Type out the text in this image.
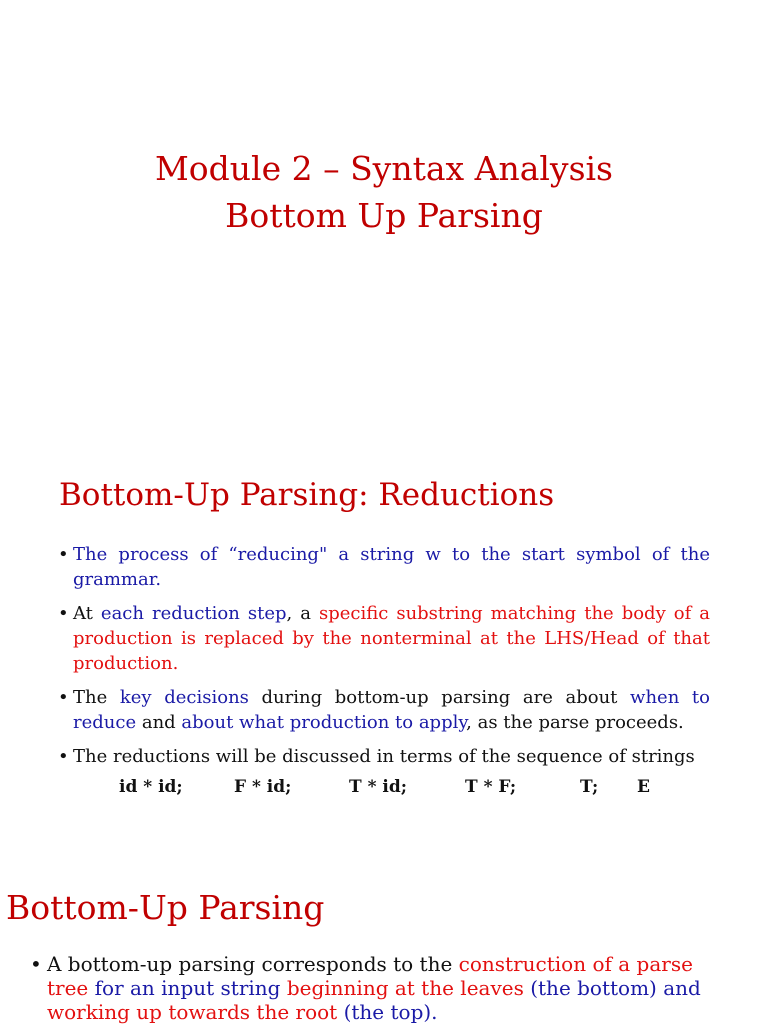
Module 2 – Syntax Analysis
Bottom Up Parsing
Bottom-Up Parsing: Reductions
• The process of “reducing" a string w to the start symbol of the grammar.
• At each reduction step, a specific substring matching the body of a production is replaced by the nonterminal at the LHS/Head of that production.
• The key decisions during bottom-up parsing are about when to reduce and about what production to apply, as the parse proceeds.
• The reductions will be discussed in terms of the sequence of strings
id * id;	F * id;	T * id;	T * F;	T; E
Bottom-Up Parsing
• A bottom-up parsing corresponds to the construction of a parse tree for an input string beginning at the leaves (the bottom) and working up towards the root (the top).
